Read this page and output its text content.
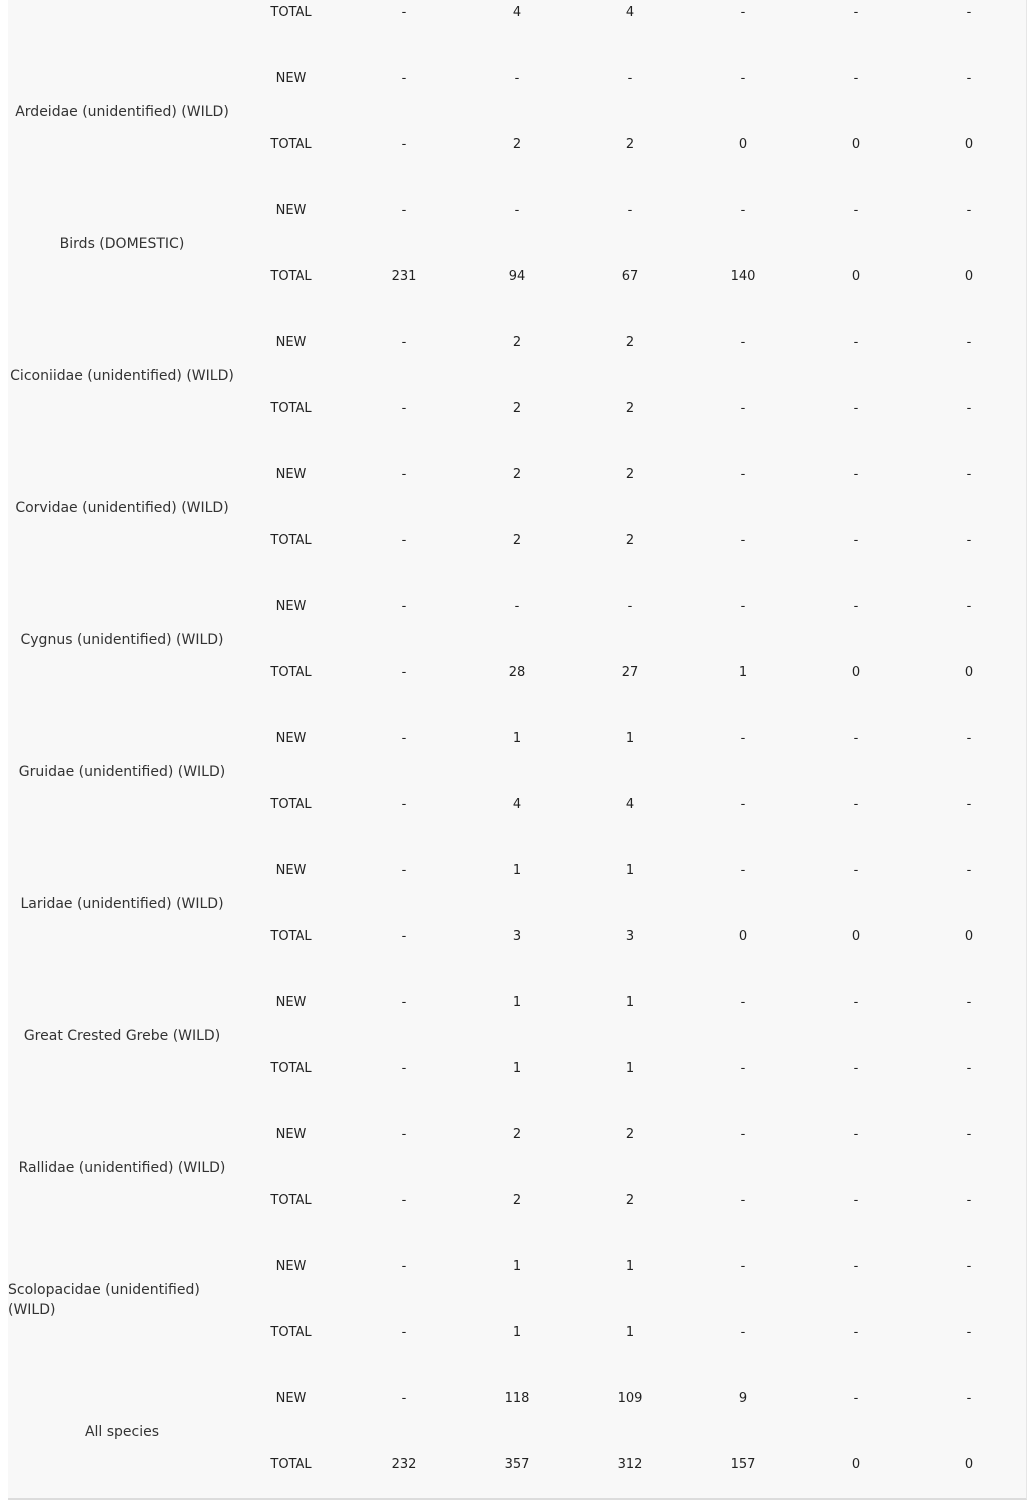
TOTAL	-	4	4	-	-	-
Ardeidae (unidentified) (WILD)
NEW	-	-	-	-	-	-
TOTAL	-	2	2	0	0	0
Birds (DOMESTIC)
NEW	-	-	-	-	-	-
TOTAL	231	94	67	140	0	0
Ciconiidae (unidentified) (WILD)
NEW	-	2	2	-	-	-
TOTAL	-	2	2	-	-	-
Corvidae (unidentified) (WILD)
NEW	-	2	2	-	-	-
TOTAL	-	2	2	-	-	-
Cygnus (unidentified) (WILD)
NEW	-	-	-	-	-	-
TOTAL	-	28	27	1	0	0
Gruidae (unidentified) (WILD)
NEW	-	1	1	-	-	-
TOTAL	-	4	4	-	-	-
Laridae (unidentified) (WILD)
NEW	-	1	1	-	-	-
TOTAL	-	3	3	0	0	0
Great Crested Grebe (WILD)
NEW	-	1	1	-	-	-
TOTAL	-	1	1	-	-	-
Rallidae (unidentified) (WILD)
NEW	-	2	2	-	-	-
TOTAL	-	2	2	-	-	-
Scolopacidae (unidentified) (WILD)
NEW	-	1	1	-	-	-
TOTAL	-	1	1	-	-	-
All species
NEW	-	118	109	9	-	-
TOTAL	232	357	312	157	0	0
